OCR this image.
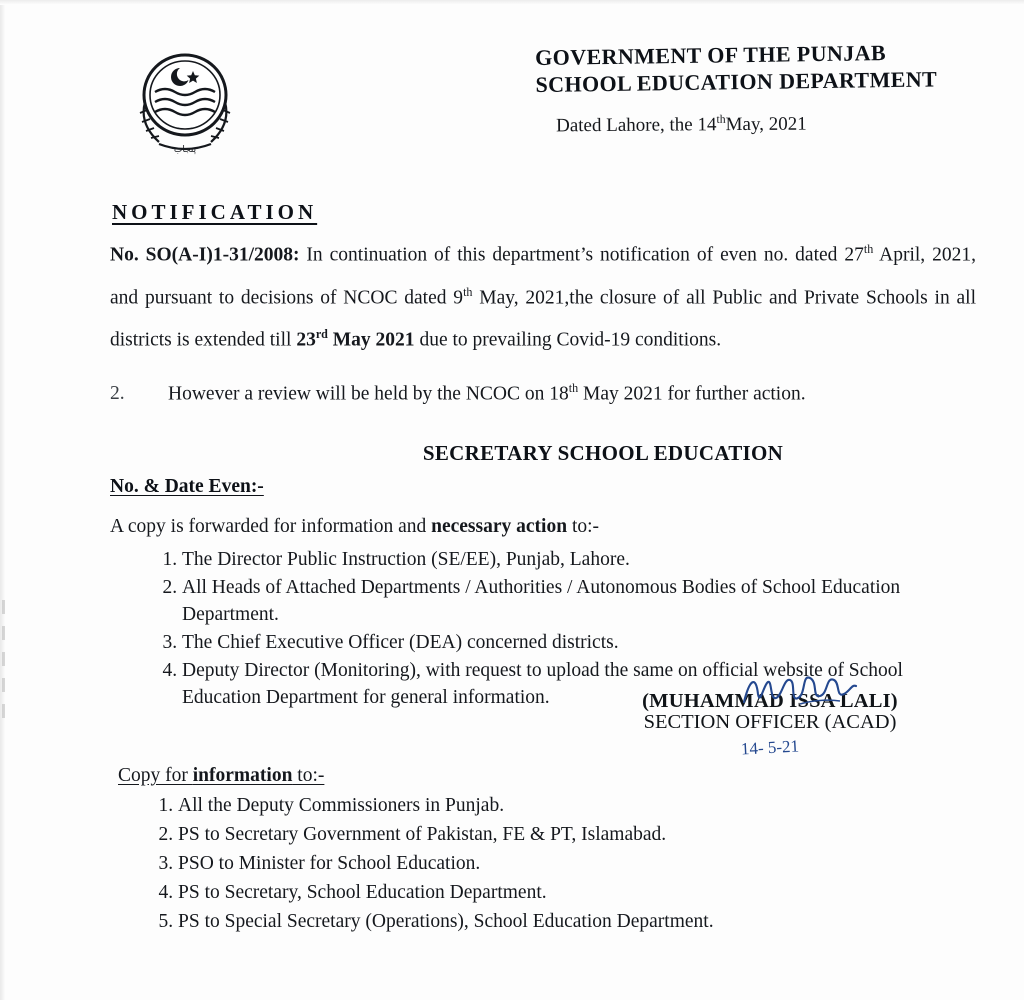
پنجاب
GOVERNMENT OF THE PUNJAB
SCHOOL EDUCATION DEPARTMENT
Dated Lahore, the 14thMay, 2021
NOTIFICATION

No. SO(A-I)1-31/2008: In continuation of this department’s notification of even no. dated 27th April, 2021, and pursuant to decisions of NCOC dated 9th May, 2021,the closure of all Public and Private Schools in all districts is extended till 23rd May 2021 due to prevailing Covid-19 conditions.

2. However a review will be held by the NCOC on 18th May 2021 for further action.
SECRETARY SCHOOL EDUCATION
No. & Date Even:-
A copy is forwarded for information and necessary action to:-
1. The Director Public Instruction (SE/EE), Punjab, Lahore.
2. All Heads of Attached Departments / Authorities / Autonomous Bodies of School Education Department.
3. The Chief Executive Officer (DEA) concerned districts.
4. Deputy Director (Monitoring), with request to upload the same on official website of School Education Department for general information.	(MUHAMMAD ISSA LALI)
SECTION OFFICER (ACAD)
14- 5-21
Copy for information to:-
1. All the Deputy Commissioners in Punjab.
2. PS to Secretary Government of Pakistan, FE & PT, Islamabad.
3. PSO to Minister for School Education.
4. PS to Secretary, School Education Department.
5. PS to Special Secretary (Operations), School Education Department.
